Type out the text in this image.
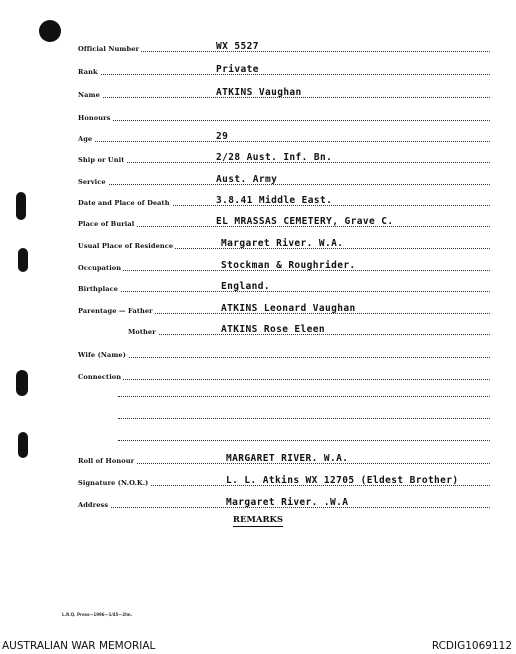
Official Number	WX 5527
Rank	Private
Name	ATKINS Vaughan
Honours
Age	29
Ship or Unit	2/28 Aust. Inf. Bn.
Service	Aust. Army
Date and Place of Death	3.8.41 Middle East.
Place of Burial	EL MRASSAS CEMETERY, Grave C.
Usual Place of Residence	Margaret River. W.A.
Occupation	Stockman & Roughrider.
Birthplace	England.
Parentage — Father	ATKINS Leonard Vaughan
Mother	ATKINS Rose Eleen
Wife (Name)
Connection
Roll of Honour	MARGARET RIVER. W.A.
Signature (N.O.K.)	L. L. Atkins WX 12705 (Eldest Brother)
Address	Margaret River. .W.A
REMARKS
L.R.Q. Press—1996—1/45—2lm.
AUSTRALIAN WAR MEMORIAL	RCDIG1069112
